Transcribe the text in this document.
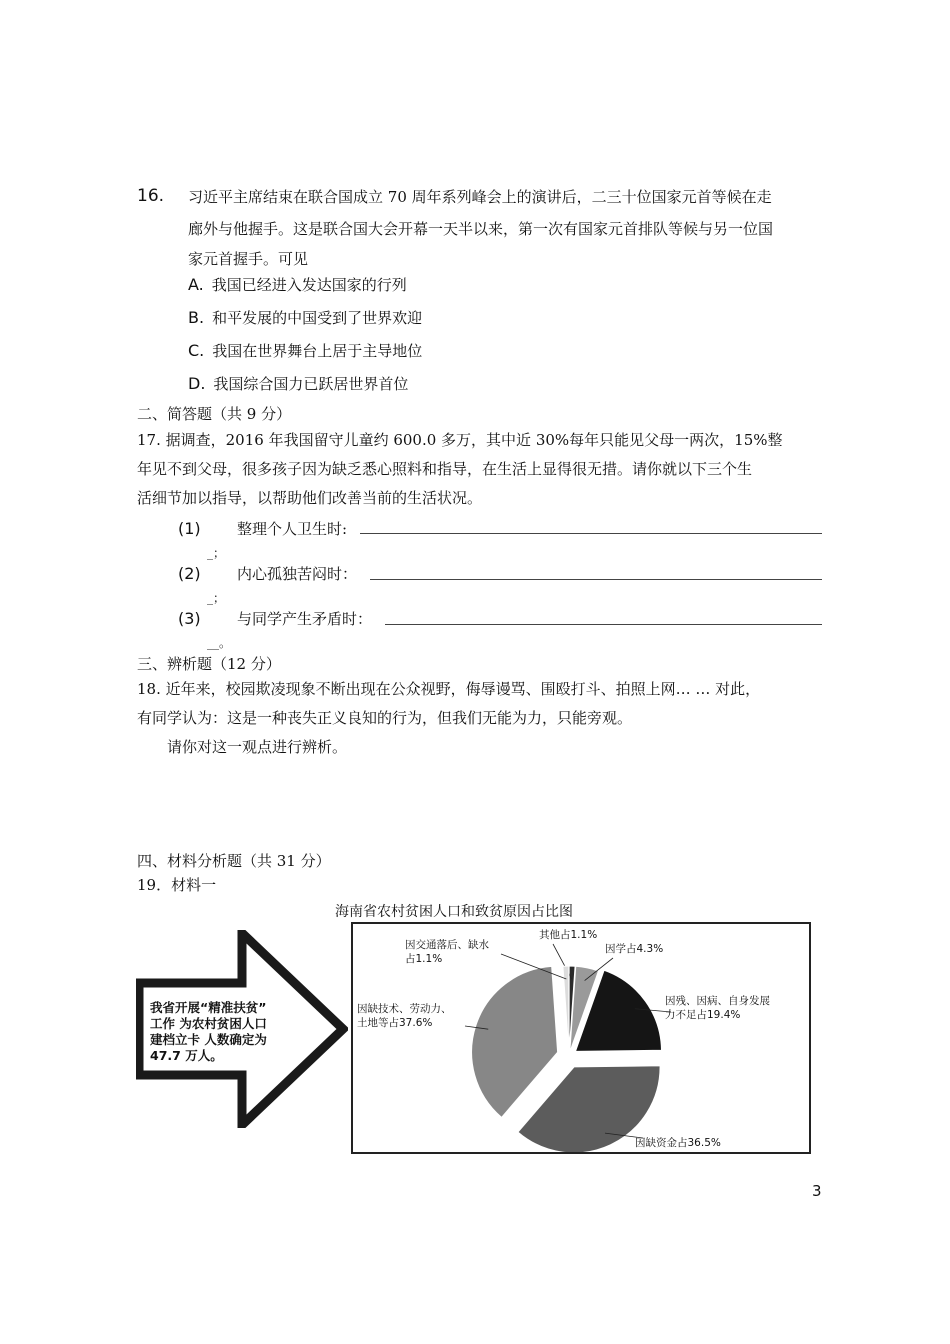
16. 习近平主席结束在联合国成立 70 周年系列峰会上的演讲后，二三十位国家元首等候在走
廊外与他握手。这是联合国大会开幕一天半以来，第一次有国家元首排队等候与另一位国
家元首握手。可见
A. 我国已经进入发达国家的行列
B. 和平发展的中国受到了世界欢迎
C. 我国在世界舞台上居于主导地位
D. 我国综合国力已跃居世界首位
二、简答题（共 9 分）
17. 据调查，2016 年我国留守儿童约 600.0 多万，其中近 30%每年只能见父母一两次，15%整
年见不到父母，很多孩子因为缺乏悉心照料和指导，在生活上显得很无措。请你就以下三个生
活细节加以指导，以帮助他们改善当前的生活状况。
(1) 整理个人卫生时:
_；
(2) 内心孤独苦闷时：
_；
(3) 与同学产生矛盾时：
__。
三、辨析题（12 分）
18. 近年来，校园欺凌现象不断出现在公众视野，侮辱谩骂、围殴打斗、拍照上网… … 对此，
有同学认为：这是一种丧失正义良知的行为，但我们无能为力，只能旁观。
请你对这一观点进行辨析。
四、材料分析题（共 31 分）
19．材料一
我省开展“精准扶贫”
工作 为农村贫困人口
建档立卡 人数确定为
47.7 万人。
海南省农村贫困人口和致贫原因占比图
其他占1.1%
因学占4.3%
因残、因病、自身发展力不足占19.4%
因缺资金占36.5%
因缺技术、劳动力、土地等占37.6%
因交通落后、缺水占1.1%
3
